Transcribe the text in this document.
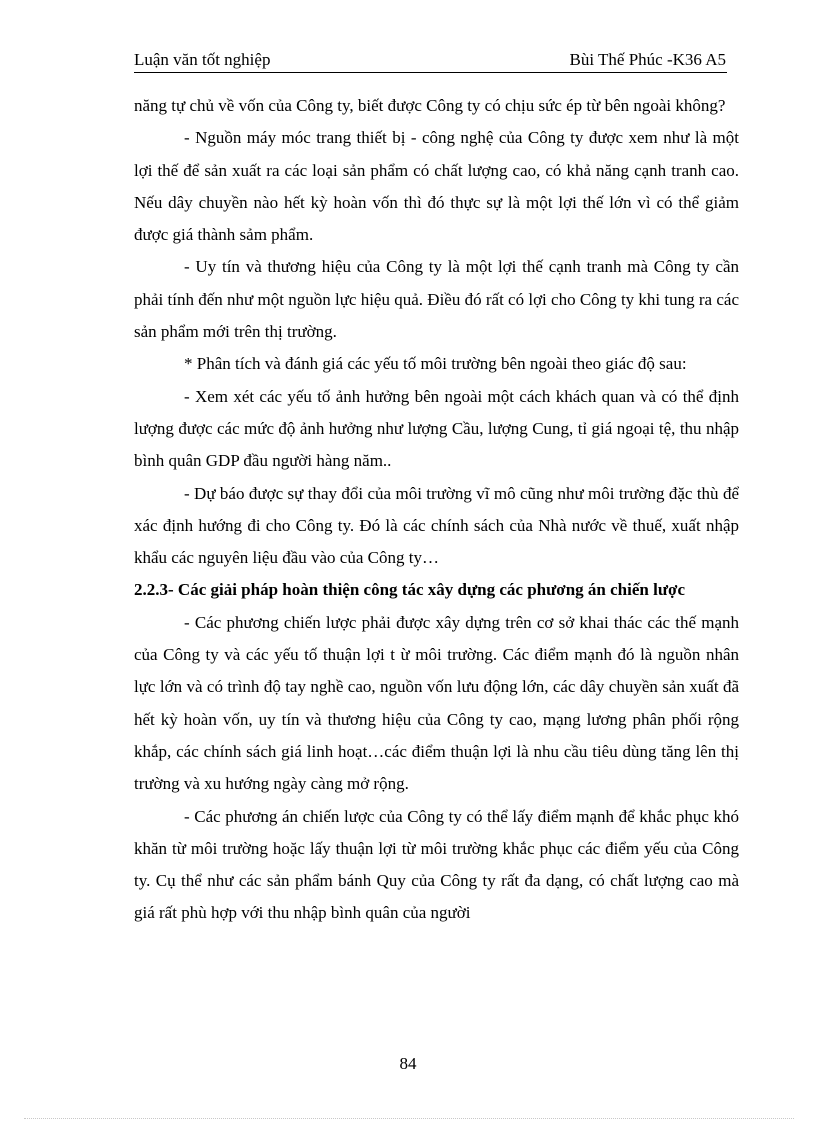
Luận văn tốt nghiệp	Bùi Thế Phúc -K36 A5

năng tự chủ về vốn của Công ty, biết được Công ty có chịu sức ép từ bên ngoài không?

- Nguồn máy móc trang thiết bị - công nghệ của Công ty được xem như là một lợi thế để sản xuất ra các loại sản phẩm có chất lượng cao, có khả năng cạnh tranh cao. Nếu dây chuyền nào hết kỳ hoàn vốn thì đó thực sự là một lợi thế lớn vì có thể giảm được giá thành sảm phẩm.

- Uy tín và thương hiệu của Công ty là một lợi thế cạnh tranh mà Công ty cần phải tính đến như một nguồn lực hiệu quả. Điều đó rất có lợi cho Công ty khi tung ra các sản phẩm mới trên thị trường.

* Phân tích và đánh giá các yếu tố môi trường bên ngoài theo giác độ sau:

- Xem xét các yếu tố ảnh hưởng bên ngoài một cách khách quan và có thể định lượng được các mức độ ảnh hưởng như lượng Cầu, lượng Cung, tỉ giá ngoại tệ, thu nhập bình quân GDP đầu người hàng năm..

- Dự báo được sự thay đổi của môi trường vĩ mô cũng như môi trường đặc thù để xác định hướng đi cho Công ty. Đó là các chính sách của Nhà nước về thuế, xuất nhập khẩu các nguyên liệu đầu vào của Công ty…

2.2.3- Các giải pháp hoàn thiện công tác xây dựng các phương án chiến lược

- Các phương chiến lược phải được xây dựng trên cơ sở khai thác các thế mạnh của Công ty và các yếu tố thuận lợi t ừ môi trường. Các điểm mạnh đó là nguồn nhân lực lớn và có trình độ tay nghề cao, nguồn vốn lưu động lớn, các dây chuyền sản xuất đã hết kỳ hoàn vốn, uy tín và thương hiệu của Công ty cao, mạng lương phân phối rộng khắp, các chính sách giá linh hoạt…các điểm thuận lợi là nhu cầu tiêu dùng tăng lên thị trường và xu hướng ngày càng mở rộng.

- Các phương án chiến lược của Công ty có thể lấy điểm mạnh để khắc phục khó khăn từ môi trường hoặc lấy thuận lợi từ môi trường khắc phục các điểm yếu của Công ty. Cụ thể như các sản phẩm bánh Quy của Công ty rất đa dạng, có chất lượng cao mà giá rất phù hợp với thu nhập bình quân của người

84
